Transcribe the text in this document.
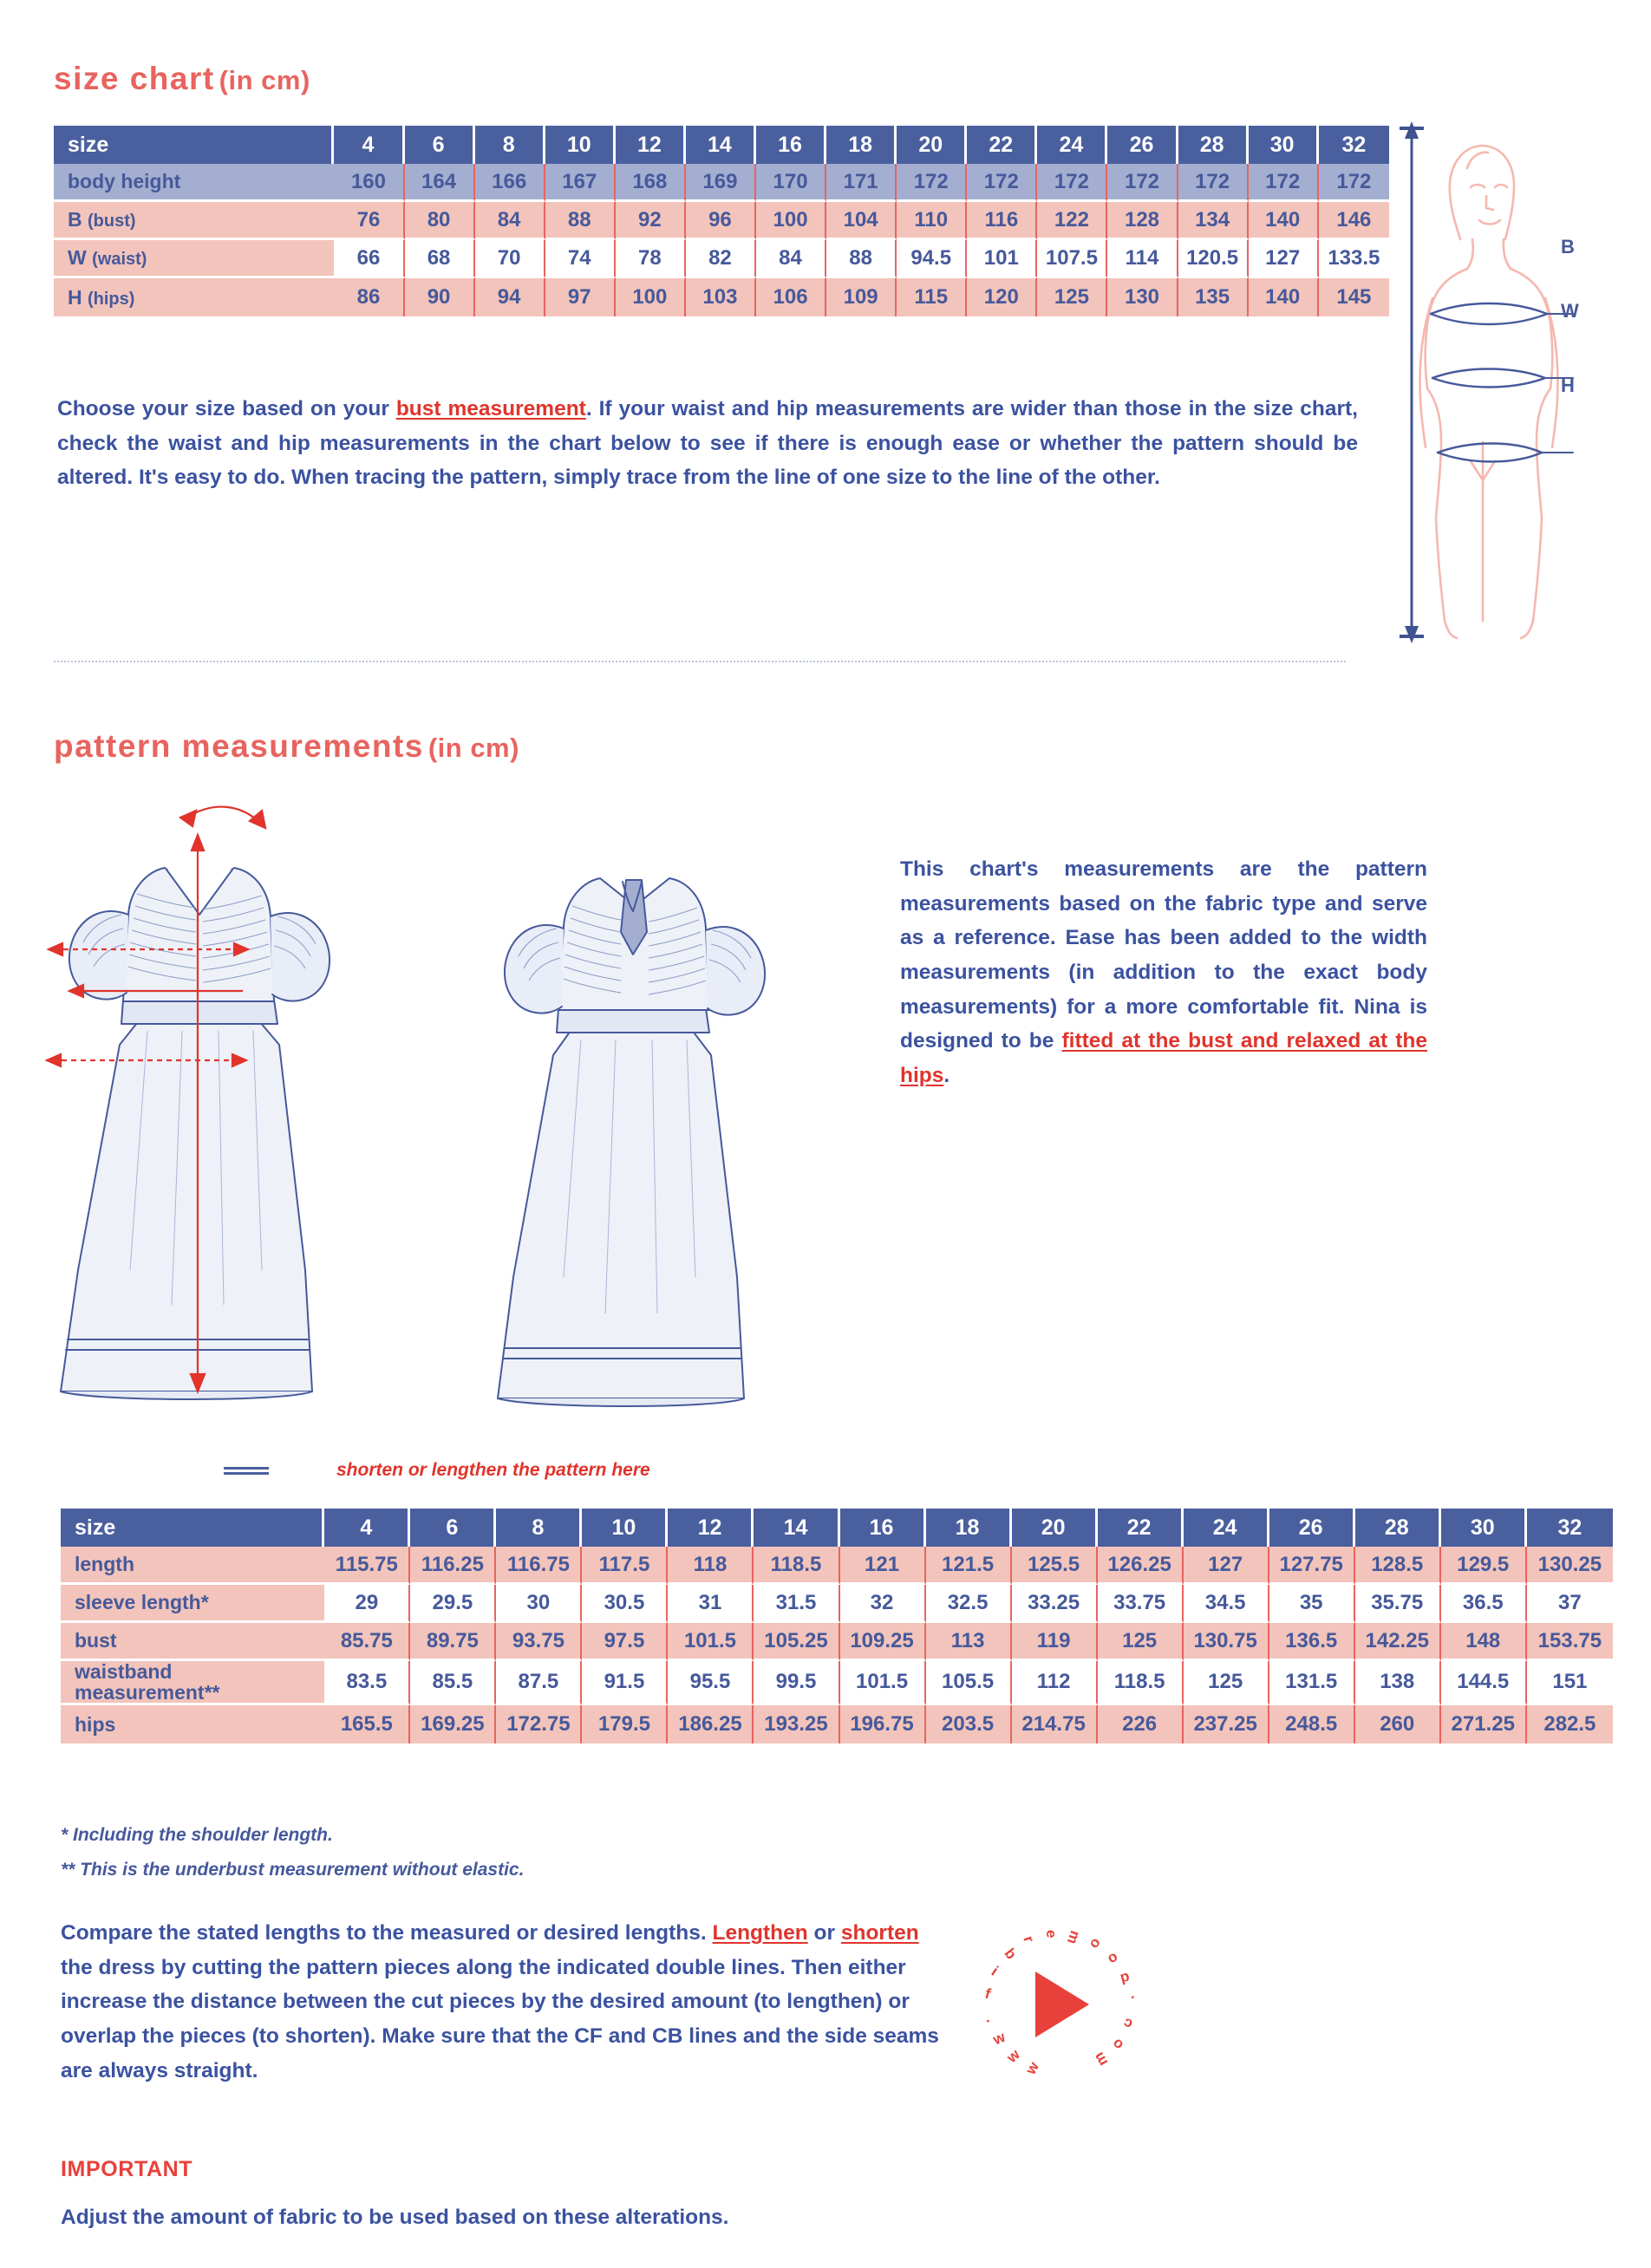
size chart (in cm)
size	4	6	8	10	12	14	16	18	20	22	24	26	28	30	32
body height	160	164	166	167	168	169	170	171	172	172	172	172	172	172	172
B (bust)	76	80	84	88	92	96	100	104	110	116	122	128	134	140	146
W (waist)	66	68	70	74	78	82	84	88	94.5	101	107.5	114	120.5	127	133.5
H (hips)	86	90	94	97	100	103	106	109	115	120	125	130	135	140	145
B
W
H
Choose your size based on your bust measurement. If your waist and hip measurements are wider than those in the size chart, check the waist and hip measurements in the chart below to see if there is enough ease or whether the pattern should be altered. It's easy to do. When tracing the pattern, simply trace from the line of one size to the line of the other.
pattern measurements (in cm)
This chart's measurements are the pattern measurements based on the fabric type and serve as a reference. Ease has been added to the width measurements (in addition to the exact body measurements) for a more comfortable fit. Nina is designed to be fitted at the bust and relaxed at the hips.
shorten or lengthen the pattern here
size	4	6	8	10	12	14	16	18	20	22	24	26	28	30	32
length	115.75	116.25	116.75	117.5	118	118.5	121	121.5	125.5	126.25	127	127.75	128.5	129.5	130.25
sleeve length*	29	29.5	30	30.5	31	31.5	32	32.5	33.25	33.75	34.5	35	35.75	36.5	37
bust	85.75	89.75	93.75	97.5	101.5	105.25	109.25	113	119	125	130.75	136.5	142.25	148	153.75

waistband
measurement**	83.5	85.5	87.5	91.5	95.5	99.5	101.5	105.5	112	118.5	125	131.5	138	144.5	151
hips	165.5	169.25	172.75	179.5	186.25	193.25	196.75	203.5	214.75	226	237.25	248.5	260	271.25	282.5
* Including the shoulder length.
** This is the underbust measurement without elastic.
Compare the stated lengths to the measured or desired lengths. Lengthen or shorten the dress by cutting the pattern pieces along the indicated double lines. Then either increase the distance between the cut pieces by the desired amount (to lengthen) or overlap the pieces (to shorten). Make sure that the CF and CB lines and the side seams are always straight.
IMPORTANT
Adjust the amount of fabric to be used based on these alterations.
w
w
w
.
f
i
b
r e m o
o
d
.
c
o
m
